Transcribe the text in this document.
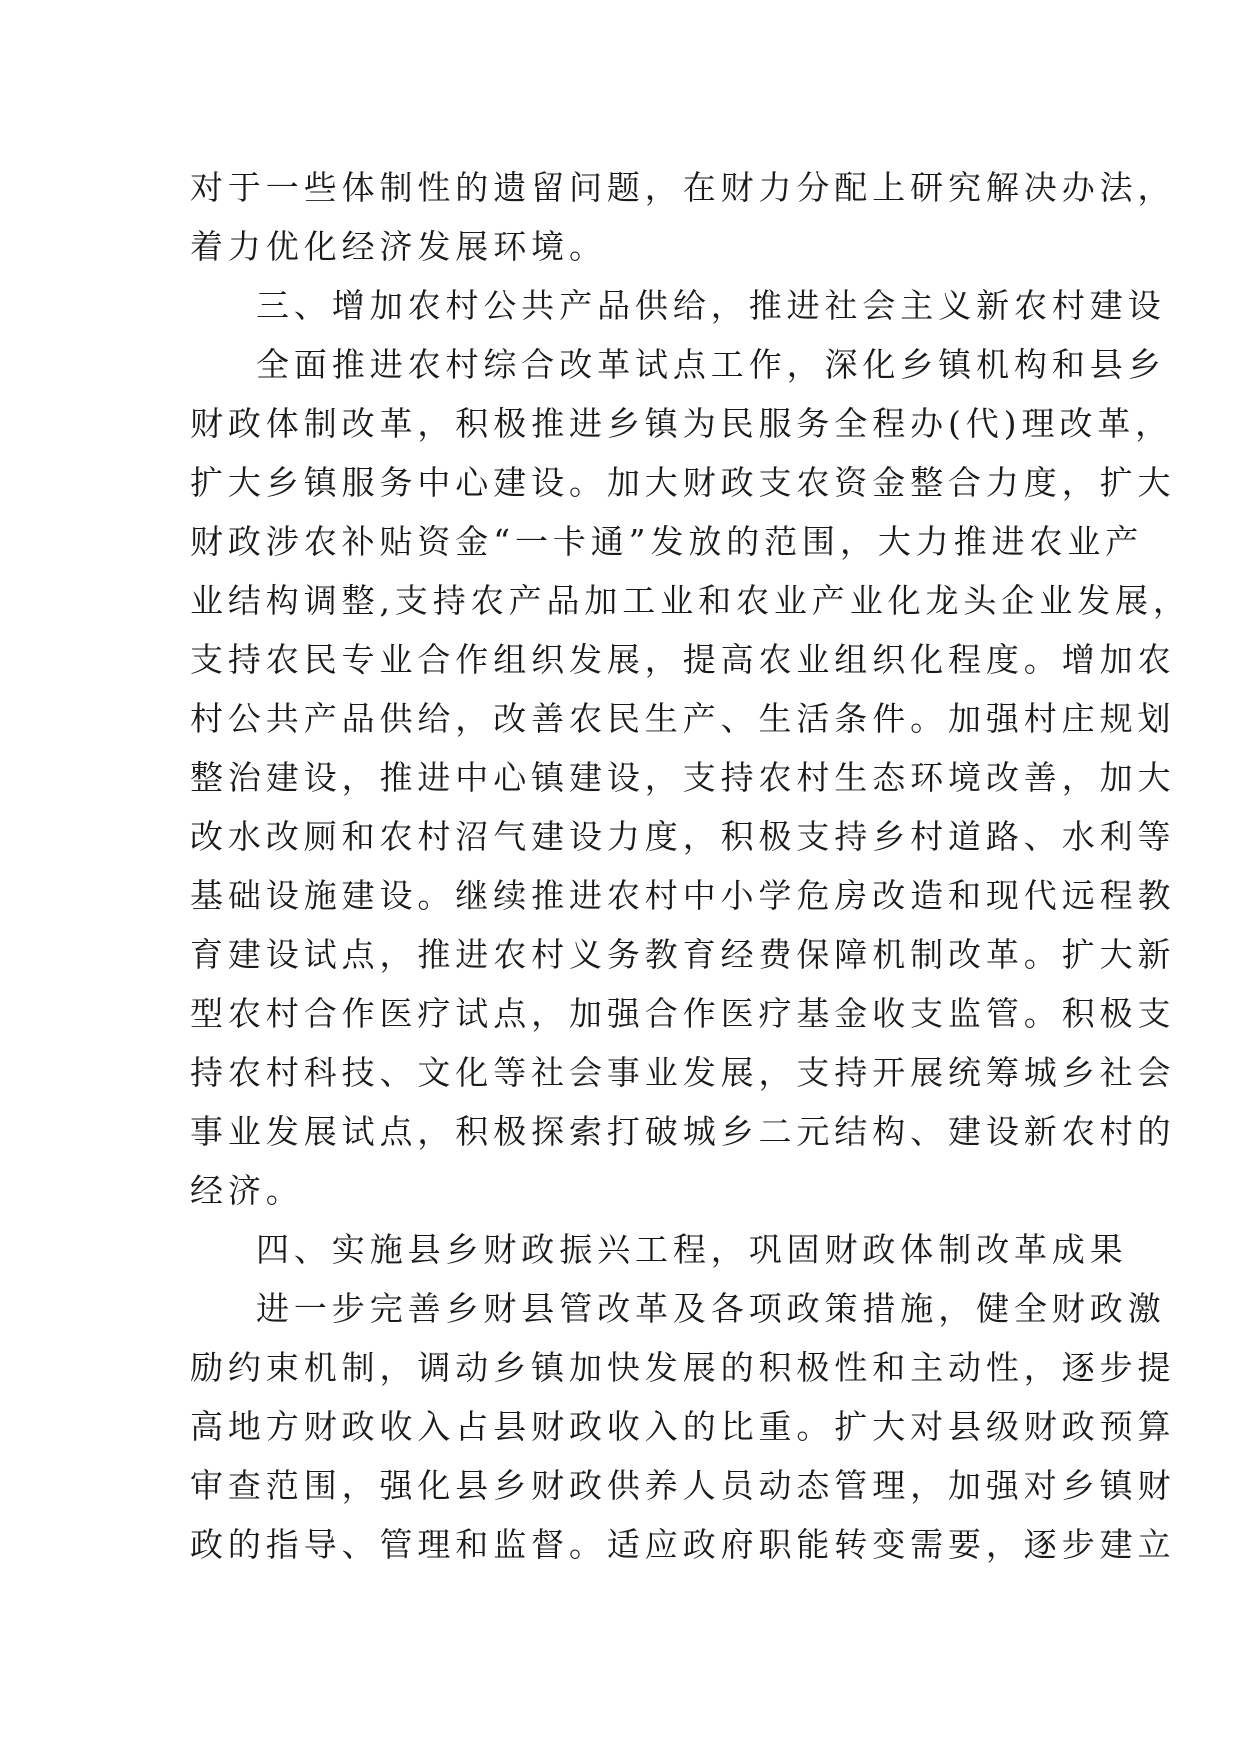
对于一些体制性的遗留问题，在财力分配上研究解决办法，
着力优化经济发展环境。
三、增加农村公共产品供给，推进社会主义新农村建设
全面推进农村综合改革试点工作，深化乡镇机构和县乡
财政体制改革，积极推进乡镇为民服务全程办(代)理改革，
扩大乡镇服务中心建设。加大财政支农资金整合力度，扩大
财政涉农补贴资金“一卡通”发放的范围，大力推进农业产
业结构调整,支持农产品加工业和农业产业化龙头企业发展，
支持农民专业合作组织发展，提高农业组织化程度。增加农
村公共产品供给，改善农民生产、生活条件。加强村庄规划
整治建设，推进中心镇建设，支持农村生态环境改善，加大
改水改厕和农村沼气建设力度，积极支持乡村道路、水利等
基础设施建设。继续推进农村中小学危房改造和现代远程教
育建设试点，推进农村义务教育经费保障机制改革。扩大新
型农村合作医疗试点，加强合作医疗基金收支监管。积极支
持农村科技、文化等社会事业发展，支持开展统筹城乡社会
事业发展试点，积极探索打破城乡二元结构、建设新农村的
经济。
四、实施县乡财政振兴工程，巩固财政体制改革成果
进一步完善乡财县管改革及各项政策措施，健全财政激
励约束机制，调动乡镇加快发展的积极性和主动性，逐步提
高地方财政收入占县财政收入的比重。扩大对县级财政预算
审查范围，强化县乡财政供养人员动态管理，加强对乡镇财
政的指导、管理和监督。适应政府职能转变需要，逐步建立
